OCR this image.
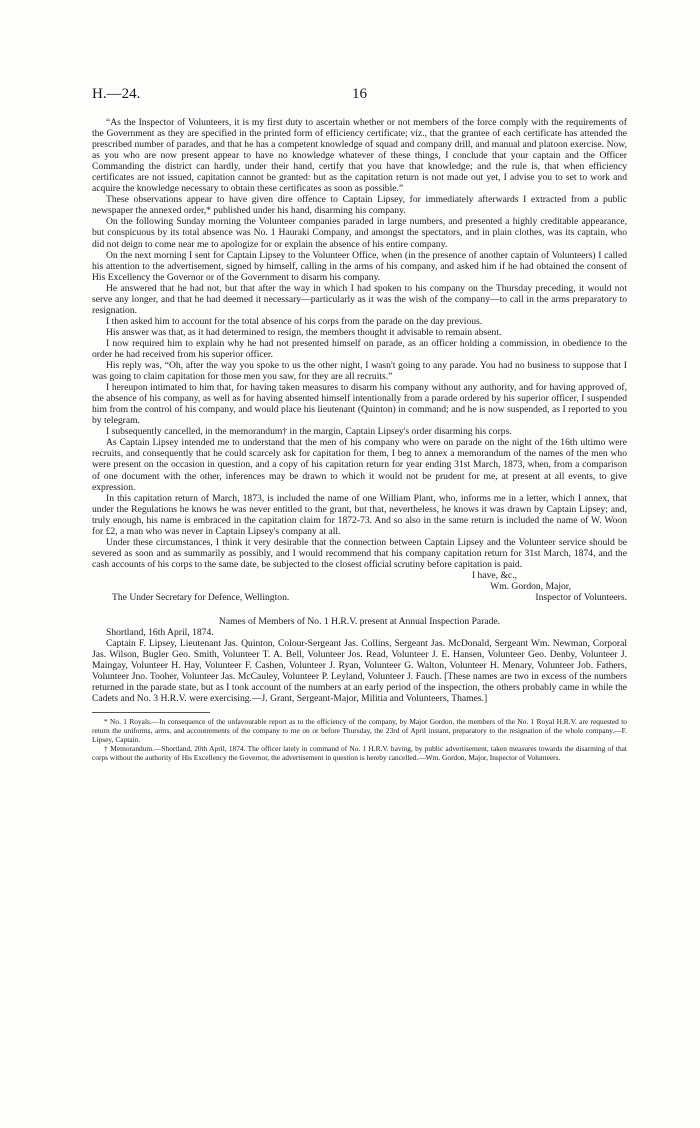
H.—24.	16

“As the Inspector of Volunteers, it is my first duty to ascertain whether or not members of the force comply with the requirements of the Government as they are specified in the printed form of efficiency certificate; viz., that the grantee of each certificate has attended the prescribed number of parades, and that he has a competent knowledge of squad and company drill, and manual and platoon exercise. Now, as you who are now present appear to have no knowledge whatever of these things, I conclude that your captain and the Officer Commanding the district can hardly, under their hand, certify that you have that knowledge; and the rule is, that when efficiency certificates are not issued, capitation cannot be granted: but as the capitation return is not made out yet, I advise you to set to work and acquire the knowledge necessary to obtain these certificates as soon as possible.”

These observations appear to have given dire offence to Captain Lipsey, for immediately afterwards I extracted from a public newspaper the annexed order,* published under his hand, disarming his company.

On the following Sunday morning the Volunteer companies paraded in large numbers, and presented a highly creditable appearance, but conspicuous by its total absence was No. 1 Hauraki Company, and amongst the spectators, and in plain clothes, was its captain, who did not deign to come near me to apologize for or explain the absence of his entire company.

On the next morning I sent for Captain Lipsey to the Volunteer Office, when (in the presence of another captain of Volunteers) I called his attention to the advertisement, signed by himself, calling in the arms of his company, and asked him if he had obtained the consent of His Excellency the Governor or of the Government to disarm his company.

He answered that he had not, but that after the way in which I had spoken to his company on the Thursday preceding, it would not serve any longer, and that he had deemed it necessary—particularly as it was the wish of the company—to call in the arms preparatory to resignation.

I then asked him to account for the total absence of his corps from the parade on the day previous.

His answer was that, as it had determined to resign, the members thought it advisable to remain absent.

I now required him to explain why he had not presented himself on parade, as an officer holding a commission, in obedience to the order he had received from his superior officer.

His reply was, “Oh, after the way you spoke to us the other night, I wasn't going to any parade. You had no business to suppose that I was going to claim capitation for those men you saw, for they are all recruits.”

I hereupon intimated to him that, for having taken measures to disarm his company without any authority, and for having approved of, the absence of his company, as well as for having absented himself intentionally from a parade ordered by his superior officer, I suspended him from the control of his company, and would place his lieutenant (Quinton) in command; and he is now suspended, as I reported to you by telegram.

I subsequently cancelled, in the memorandum† in the margin, Captain Lipsey's order disarming his corps.

As Captain Lipsey intended me to understand that the men of his company who were on parade on the night of the 16th ultimo were recruits, and consequently that he could scarcely ask for capitation for them, I beg to annex a memorandum of the names of the men who were present on the occasion in question, and a copy of his capitation return for year ending 31st March, 1873, when, from a comparison of one document with the other, inferences may be drawn to which it would not be prudent for me, at present at all events, to give expression.

In this capitation return of March, 1873, is included the name of one William Plant, who, informs me in a letter, which I annex, that under the Regulations he knows he was never entitled to the grant, but that, nevertheless, he knows it was drawn by Captain Lipsey; and, truly enough, his name is embraced in the capitation claim for 1872-73. And so also in the same return is included the name of W. Woon for £2, a man who was never in Captain Lipsey's company at all.

Under these circumstances, I think it very desirable that the connection between Captain Lipsey and the Volunteer service should be severed as soon and as summarily as possibly, and I would recommend that his company capitation return for 31st March, 1874, and the cash accounts of his corps to the same date, be subjected to the closest official scrutiny before capitation is paid.

I have, &c.,
Wm. Gordon, Major,
The Under Secretary for Defence, Wellington.	Inspector of Volunteers.
Names of Members of No. 1 H.R.V. present at Annual Inspection Parade.

Shortland, 16th April, 1874.

Captain F. Lipsey, Lieutenant Jas. Quinton, Colour-Sergeant Jas. Collins, Sergeant Jas. McDonald, Sergeant Wm. Newman, Corporal Jas. Wilson, Bugler Geo. Smith, Volunteer T. A. Bell, Volunteer Jos. Read, Volunteer J. E. Hansen, Volunteer Geo. Denby, Volunteer J. Maingay, Volunteer H. Hay, Volunteer F. Cashen, Volunteer J. Ryan, Volunteer G. Walton, Volunteer H. Menary, Volunteer Job. Fathers, Volunteer Jno. Tooher, Volunteer Jas. McCauley, Volunteer P. Leyland, Volunteer J. Fauch. [These names are two in excess of the numbers returned in the parade state, but as I took account of the numbers at an early period of the inspection, the others probably came in while the Cadets and No. 3 H.R.V. were exercising.—J. Grant, Sergeant-Major, Militia and Volunteers, Thames.]

* No. 1 Royals.—In consequence of the unfavourable report as to the efficiency of the company, by Major Gordon, the members of the No. 1 Royal H.R.V. are requested to return the uniforms, arms, and accoutrements of the company to me on or before Thursday, the 23rd of April instant, preparatory to the resignation of the whole company.—F. Lipsey, Captain.

† Memorandum.—Shortland, 20th April, 1874. The officer lately in command of No. 1 H.R.V. having, by public advertisement, taken measures towards the disarming of that corps without the authority of His Excellency the Governor, the advertisement in question is hereby cancelled.—Wm. Gordon, Major, Inspector of Volunteers.
